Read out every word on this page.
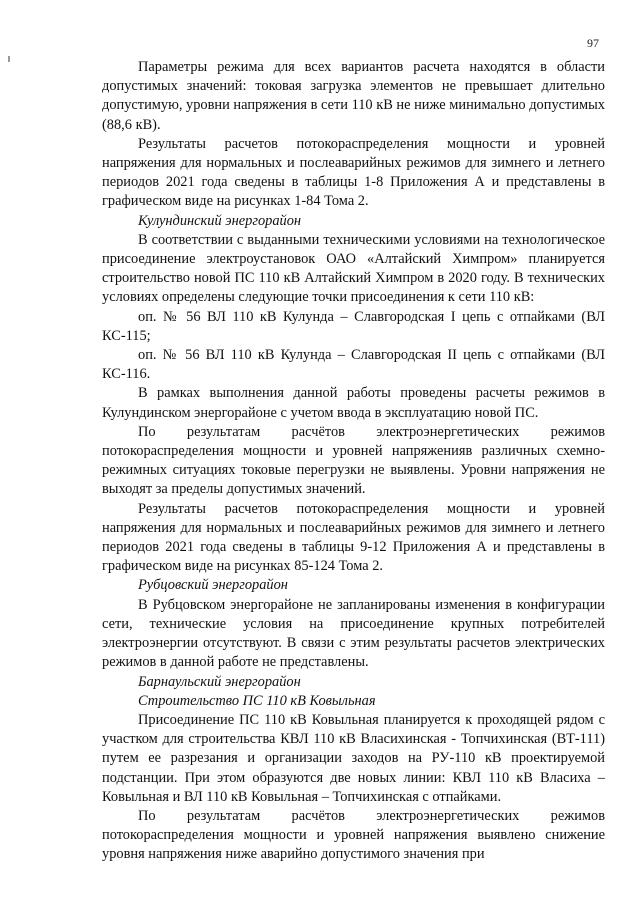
97

Параметры режима для всех вариантов расчета находятся в области допустимых значений: токовая загрузка элементов не превышает длительно допустимую, уровни напряжения в сети 110 кВ не ниже минимально допустимых (88,6 кВ).

Результаты расчетов потокораспределения мощности и уровней напряжения для нормальных и послеаварийных режимов для зимнего и летнего периодов 2021 года сведены в таблицы 1-8 Приложения А и представлены в графическом виде на рисунках 1-84 Тома 2.

Кулундинский энергорайон

В соответствии с выданными техническими условиями на технологическое присоединение электроустановок ОАО «Алтайский Химпром» планируется строительство новой ПС 110 кВ Алтайский Химпром в 2020 году. В технических условиях определены следующие точки присоединения к сети 110 кВ:

оп. № 56 ВЛ 110 кВ Кулунда – Славгородская I цепь с отпайками (ВЛ КС-115;

оп. № 56 ВЛ 110 кВ Кулунда – Славгородская II цепь с отпайками (ВЛ КС-116.

В рамках выполнения данной работы проведены расчеты режимов в Кулундинском энергорайоне с учетом ввода в эксплуатацию новой ПС.

По результатам расчётов электроэнергетических режимов потокораспределения мощности и уровней напряженияв различных схемно-режимных ситуациях токовые перегрузки не выявлены. Уровни напряжения не выходят за пределы допустимых значений.

Результаты расчетов потокораспределения мощности и уровней напряжения для нормальных и послеаварийных режимов для зимнего и летнего периодов 2021 года сведены в таблицы 9-12 Приложения А и представлены в графическом виде на рисунках 85-124 Тома 2.

Рубцовский энергорайон

В Рубцовском энергорайоне не запланированы изменения в конфигурации сети, технические условия на присоединение крупных потребителей электроэнергии отсутствуют. В связи с этим результаты расчетов электрических режимов в данной работе не представлены.

Барнаульский энергорайон

Строительство ПС 110 кВ Ковыльная

Присоединение ПС 110 кВ Ковыльная планируется к проходящей рядом с участком для строительства КВЛ 110 кВ Власихинская - Топчихинская (ВТ-111) путем ее разрезания и организации заходов на РУ-110 кВ проектируемой подстанции. При этом образуются две новых линии: КВЛ 110 кВ Власиха – Ковыльная и ВЛ 110 кВ Ковыльная – Топчихинская с отпайками.

По результатам расчётов электроэнергетических режимов потокораспределения мощности и уровней напряжения выявлено снижение уровня напряжения ниже аварийно допустимого значения при
